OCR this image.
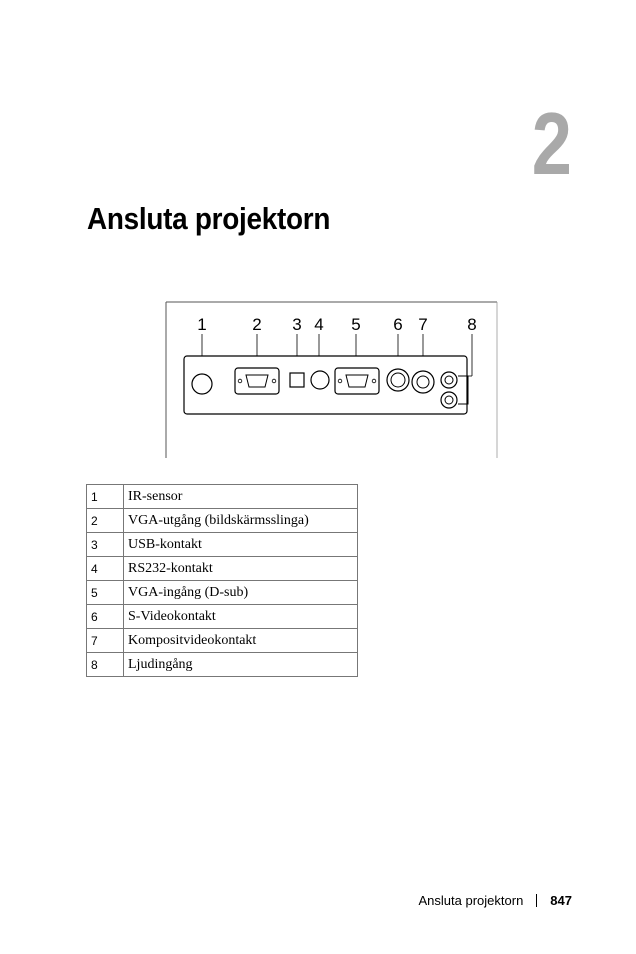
2
Ansluta projektorn
1	2 3 4 5 6 7 8
1	IR-sensor
2	VGA-utgång (bildskärmsslinga)
3	USB-kontakt
4	RS232-kontakt
5	VGA-ingång (D-sub)
6	S-Videokontakt
7	Kompositvideokontakt
8	Ljudingång
Ansluta projektorn 847
